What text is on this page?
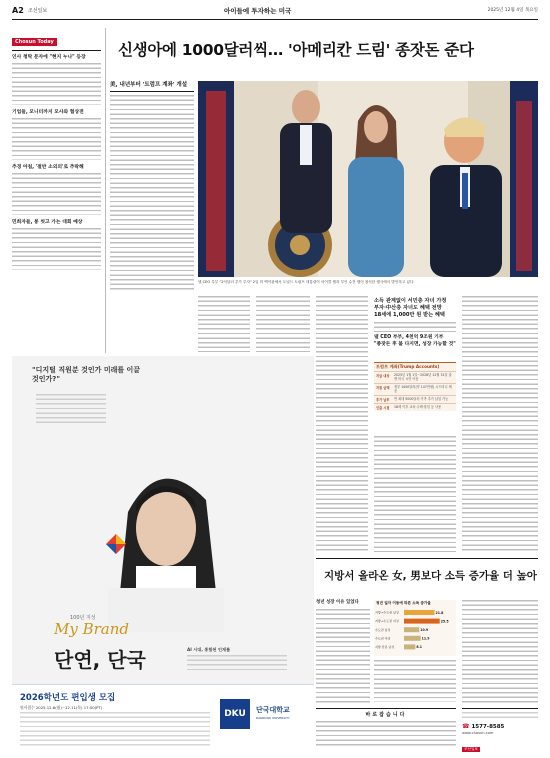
A2 조선일보	아이들에 투자하는 미국	2025년 12월 4일 목요일
Chosun Today
인사 청탁 문자에 "현지 누나" 등장
기업들, 모니터까지 모사와 협상전
추경 아침, '절반 소외의'로 추락해
민희자들, 봉 씻고 가는 대회 예상
신생아에 1000달러씩… '아메리칸 드림' 종잣돈 준다
美, 내년부터 '트럼프 계좌' 개설
AP 연합뉴스
델 CEO 부부 "2억달러 추가 투자" 2일 미 백악관에서 도널드 트럼프 대통령이 마이클 델과 부인 수전 델이 참석한 행사에서 발언하고 있다.
"디지털 직원분 것인가 미래를 이끌 것인가?"
100년 지성
My Brand
단연, 단국	AI 시대, 통합된 인재를
2026학년도 편입생 모집
원서접수 2025.12.8(월)~12.11(목) 17:00(PT)
DKU	단국대학교
DANKOOK UNIVERSITY
소득 관계없이 서민층 자녀 가정
부자·中산층 자녀도 혜택 전망
18세에 1,000만 원 받는 혜택
델 CEO 부부, 4천억 9조원 기부
"종잣돈 후 불 다지면, 성장 가능할 것"
트럼프 계좌(Trump Accounts)
지급 대상	2025년 1월 1일~2028년 12월 31일 출생 미국 시민 아동
지원 금액	정부 1000달러(약 147만원) 시드머니 제공
추가 납부	연 최대 5000달러 가족 추가 납입 가능
인출 시점	18세 이후 교육·주택·창업 등 사용
지방서 올라온 女, 男보다 소득 증가율 더 높아
청년 성장 이유 있었다	청년 일자 이동에 따른 소득 증가율
지방→수도권 남성	21.8
지방→수도권 여성	25.5
수도권 남성	10.9
수도권 여성	11.9
지방 잔류 남성	8.1
바로잡습니다
☎ 1577-8585
www.chosun.com
조선일보
